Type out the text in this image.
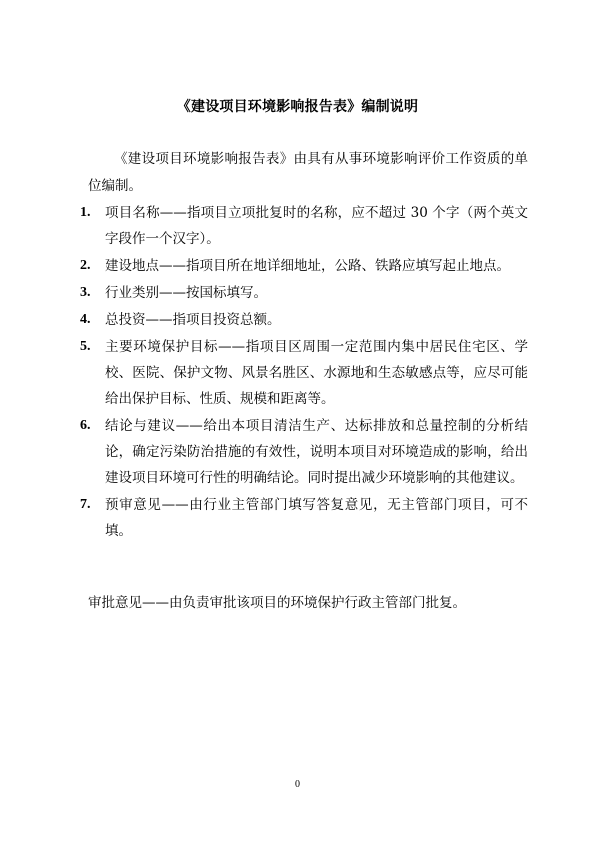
《建设项目环境影响报告表》编制说明
《建设项目环境影响报告表》由具有从事环境影响评价工作资质的单位编制。
1. 项目名称——指项目立项批复时的名称，应不超过 30 个字（两个英文字段作一个汉字）。
2. 建设地点——指项目所在地详细地址，公路、铁路应填写起止地点。
3. 行业类别——按国标填写。
4. 总投资——指项目投资总额。
5. 主要环境保护目标——指项目区周围一定范围内集中居民住宅区、学校、医院、保护文物、风景名胜区、水源地和生态敏感点等，应尽可能给出保护目标、性质、规模和距离等。
6. 结论与建议——给出本项目清洁生产、达标排放和总量控制的分析结论，确定污染防治措施的有效性，说明本项目对环境造成的影响，给出建设项目环境可行性的明确结论。同时提出减少环境影响的其他建议。
7. 预审意见——由行业主管部门填写答复意见，无主管部门项目，可不填。
审批意见——由负责审批该项目的环境保护行政主管部门批复。
0
